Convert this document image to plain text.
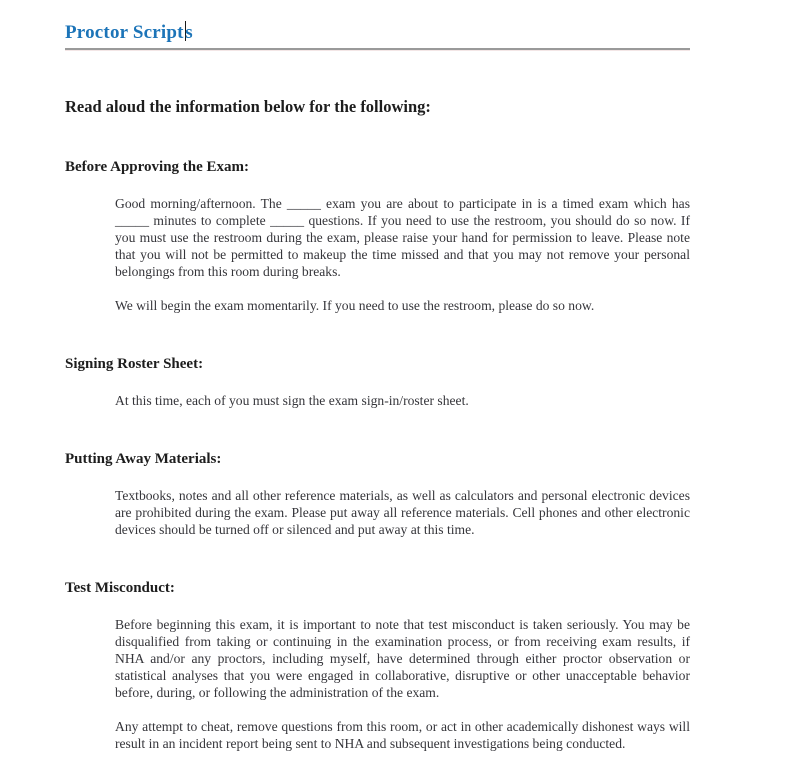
Proctor Scripts
Read aloud the information below for the following:
Before Approving the Exam:

Good morning/afternoon. The _____ exam you are about to participate in is a timed exam which has _____ minutes to complete _____ questions. If you need to use the restroom, you should do so now. If you must use the restroom during the exam, please raise your hand for permission to leave. Please note that you will not be permitted to makeup the time missed and that you may not remove your personal belongings from this room during breaks.

We will begin the exam momentarily. If you need to use the restroom, please do so now.

Signing Roster Sheet:

At this time, each of you must sign the exam sign-in/roster sheet.

Putting Away Materials:

Textbooks, notes and all other reference materials, as well as calculators and personal electronic devices are prohibited during the exam. Please put away all reference materials. Cell phones and other electronic devices should be turned off or silenced and put away at this time.

Test Misconduct:

Before beginning this exam, it is important to note that test misconduct is taken seriously. You may be disqualified from taking or continuing in the examination process, or from receiving exam results, if NHA and/or any proctors, including myself, have determined through either proctor observation or statistical analyses that you were engaged in collaborative, disruptive or other unacceptable behavior before, during, or following the administration of the exam.

Any attempt to cheat, remove questions from this room, or act in other academically dishonest ways will result in an incident report being sent to NHA and subsequent investigations being conducted.
